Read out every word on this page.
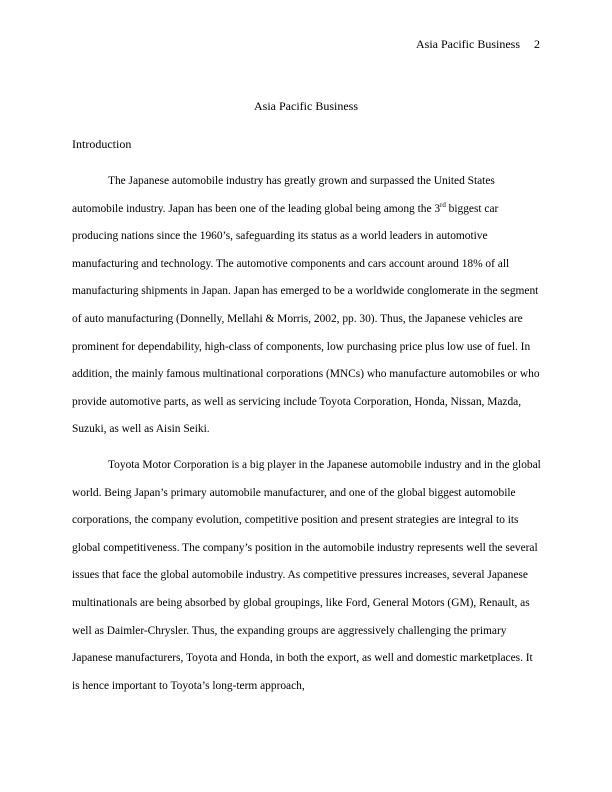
Asia Pacific Business 2
Asia Pacific Business
Introduction

The Japanese automobile industry has greatly grown and surpassed the United States automobile industry. Japan has been one of the leading global being among the 3rd biggest car producing nations since the 1960’s, safeguarding its status as a world leaders in automotive manufacturing and technology. The automotive components and cars account around 18% of all manufacturing shipments in Japan. Japan has emerged to be a worldwide conglomerate in the segment of auto manufacturing (Donnelly, Mellahi & Morris, 2002, pp. 30). Thus, the Japanese vehicles are prominent for dependability, high-class of components, low purchasing price plus low use of fuel. In addition, the mainly famous multinational corporations (MNCs) who manufacture automobiles or who provide automotive parts, as well as servicing include Toyota Corporation, Honda, Nissan, Mazda, Suzuki, as well as Aisin Seiki.

Toyota Motor Corporation is a big player in the Japanese automobile industry and in the global world. Being Japan’s primary automobile manufacturer, and one of the global biggest automobile corporations, the company evolution, competitive position and present strategies are integral to its global competitiveness. The company’s position in the automobile industry represents well the several issues that face the global automobile industry. As competitive pressures increases, several Japanese multinationals are being absorbed by global groupings, like Ford, General Motors (GM), Renault, as well as Daimler-Chrysler. Thus, the expanding groups are aggressively challenging the primary Japanese manufacturers, Toyota and Honda, in both the export, as well and domestic marketplaces. It is hence important to Toyota’s long-term approach,
